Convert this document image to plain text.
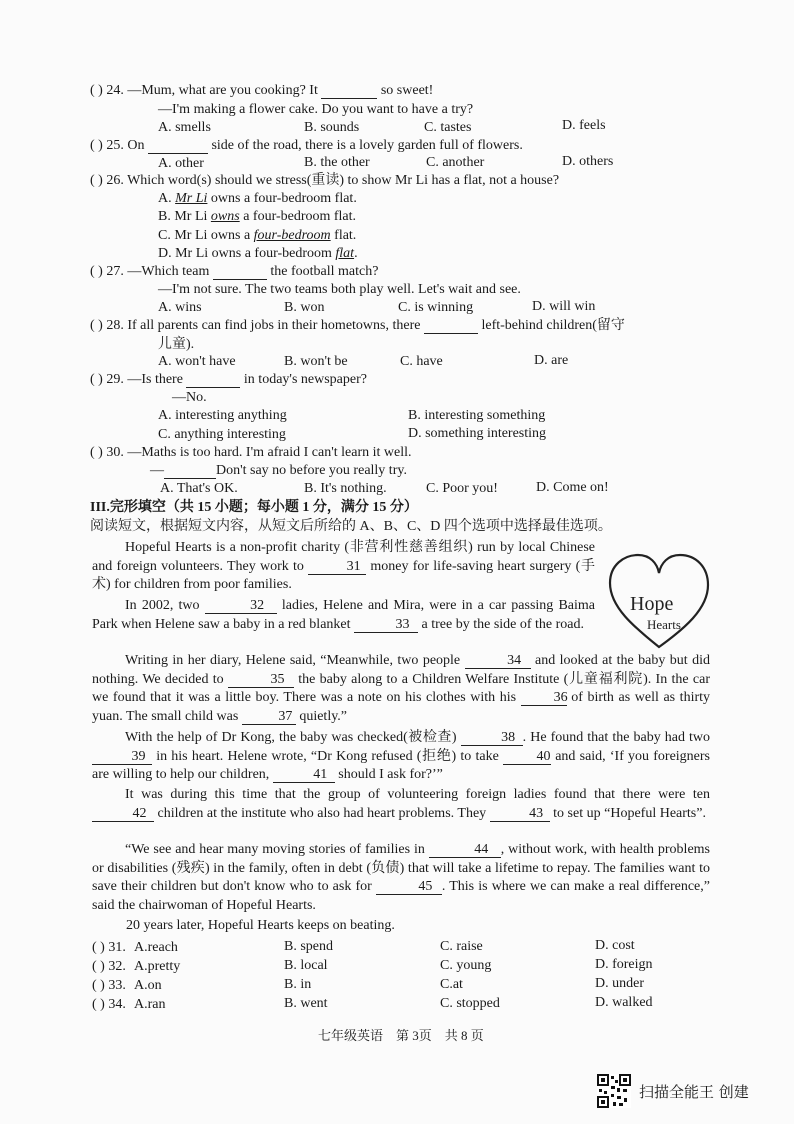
( ) 24. —Mum, what are you cooking? It	so sweet!
—I'm making a flower cake. Do you want to have a try?
A. smells	B. sounds	C. tastes	D. feels
( ) 25. On	side of the road, there is a lovely garden full of flowers.
A. other	B. the other	C. another	D. others
( ) 26. Which word(s) should we stress(重读) to show Mr Li has a flat, not a house?
A. Mr Li owns a four-bedroom flat.
B. Mr Li owns a four-bedroom flat.
C. Mr Li owns a four-bedroom flat.
D. Mr Li owns a four-bedroom flat.
( ) 27. —Which team	the football match?
—I'm not sure. The two teams both play well. Let's wait and see.
A. wins	B. won	C. is winning	D. will win
( ) 28. If all parents can find jobs in their hometowns, there	left-behind children(留守
儿童).
A. won't have	B. won't be	C. have	D. are
( ) 29. —Is there	in today's newspaper?
—No.
A. interesting anything	B. interesting something
C. anything interesting	D. something interesting
( ) 30. —Maths is too hard. I'm afraid I can't learn it well.
—	Don't say no before you really try.
A. That's OK.	B. It's nothing.	C. Poor you!	D. Come on!
III.完形填空（共 15 小题；每小题 1 分，满分 15 分）
阅读短文，根据短文内容，从短文后所给的 A、B、C、D 四个选项中选择最佳选项。
Hopeful Hearts is a non-profit charity (非营利性慈善组织) run by local Chinese and foreign volunteers. They work to	31 money for life-saving heart surgery (手术) for children from poor families.
In 2002, two	32 ladies, Helene and Mira, were in a car passing Baima Park when Helene saw a baby in a red blanket	33 a tree by the side of the road.
Writing in her diary, Helene said, “Meanwhile, two people	34 and looked at the baby but did nothing. We decided to	35 the baby along to a Children Welfare Institute (儿童福利院). In the car we found that it was a little boy. There was a note on his clothes with his	36 of birth as well as thirty yuan. The small child was	37 quietly.”
With the help of Dr Kong, the baby was checked(被检查)	38 . He found that the baby had two 39 in his heart. Helene wrote, “Dr Kong refused (拒绝) to take	40 and said, ‘If you foreigners are willing to help our children,	41 should I ask for?’”
It was during this time that the group of volunteering foreign ladies found that there were ten 42 children at the institute who also had heart problems. They	43 to set up “Hopeful Hearts”.
“We see and hear many moving stories of families in	44 , without work, with health problems or disabilities (残疾) in the family, often in debt (负债) that will take a lifetime to repay. The families want to save their children but don't know who to ask for	45 . This is where we can make a real difference,” said the chairwoman of Hopeful Hearts.
20 years later, Hopeful Hearts keeps on beating.
Hope
Hearts
( ) 31. A.reach	B. spend	C. raise	D. cost
( ) 32. A.pretty	B. local	C. young	D. foreign
( ) 33. A.on	B. in	C.at	D. under
( ) 34. A.ran	B. went	C. stopped	D. walked
七年级英语　第 3页　共 8 页
扫描全能王 创建
